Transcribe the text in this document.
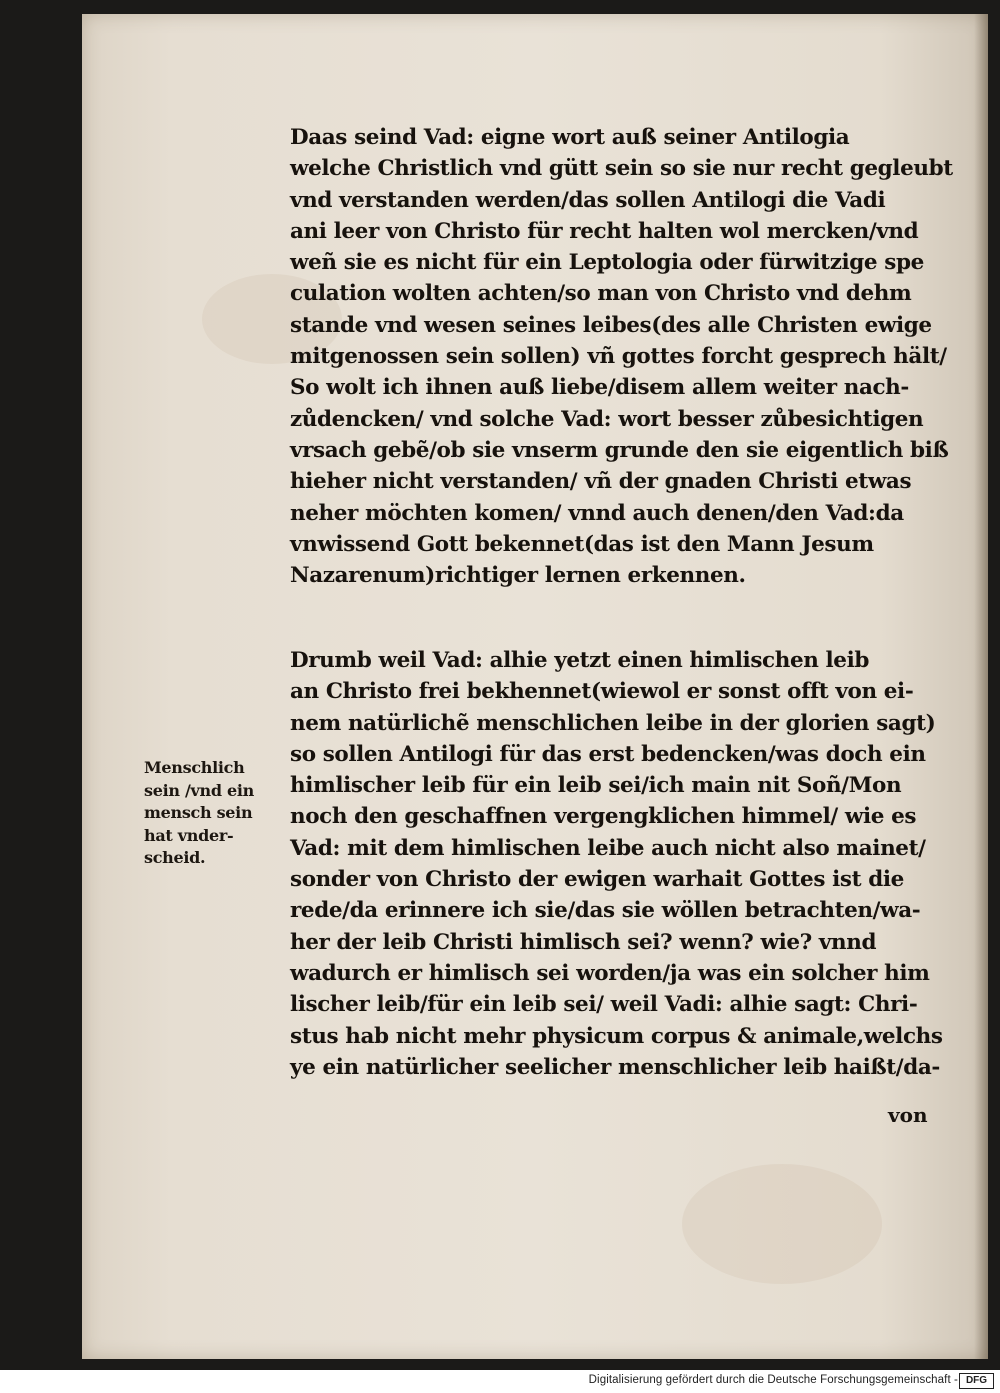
Daas seind Vad: eigne wort auß seiner Antilogia
welche Christlich vnd gütt sein so sie nur recht gegleubt
vnd verstanden werden/das sollen Antilogi die Vadi
ani leer von Christo für recht halten wol mercken/vnd
weñ sie es nicht für ein Leptologia oder fürwitzige spe
culation wolten achten/so man von Christo vnd dehm
stande vnd wesen seines leibes(des alle Christen ewige
mitgenossen sein sollen) vñ gottes forcht gesprech hält/
So wolt ich ihnen auß liebe/disem allem weiter nach-
zůdencken/ vnd solche Vad: wort besser zůbesichtigen
vrsach gebẽ/ob sie vnserm grunde den sie eigentlich biß
hieher nicht verstanden/ vñ der gnaden Christi etwas
neher möchten komen/ vnnd auch denen/den Vad:da
vnwissend Gott bekennet(das ist den Mann Jesum
Nazarenum)richtiger lernen erkennen.
Drumb weil Vad: alhie yetzt einen himlischen leib
an Christo frei bekhennet(wiewol er sonst offt von ei-
nem natürlichẽ menschlichen leibe in der glorien sagt)
so sollen Antilogi für das erst bedencken/was doch ein
himlischer leib für ein leib sei/ich main nit Soñ/Mon
noch den geschaffnen vergengklichen himmel/ wie es
Vad: mit dem himlischen leibe auch nicht also mainet/
sonder von Christo der ewigen warhait Gottes ist die
rede/da erinnere ich sie/das sie wöllen betrachten/wa-
her der leib Christi himlisch sei? wenn? wie? vnnd
wadurch er himlisch sei worden/ja was ein solcher him
lischer leib/für ein leib sei/ weil Vadi: alhie sagt: Chri-
stus hab nicht mehr physicum corpus & animale,welchs
ye ein natürlicher seelicher menschlicher leib haißt/da-
Menschlich
sein /vnd ein
mensch sein
hat vnder-
scheid.
von
Digitalisierung gefördert durch die Deutsche Forschungsgemeinschaft - DFG
